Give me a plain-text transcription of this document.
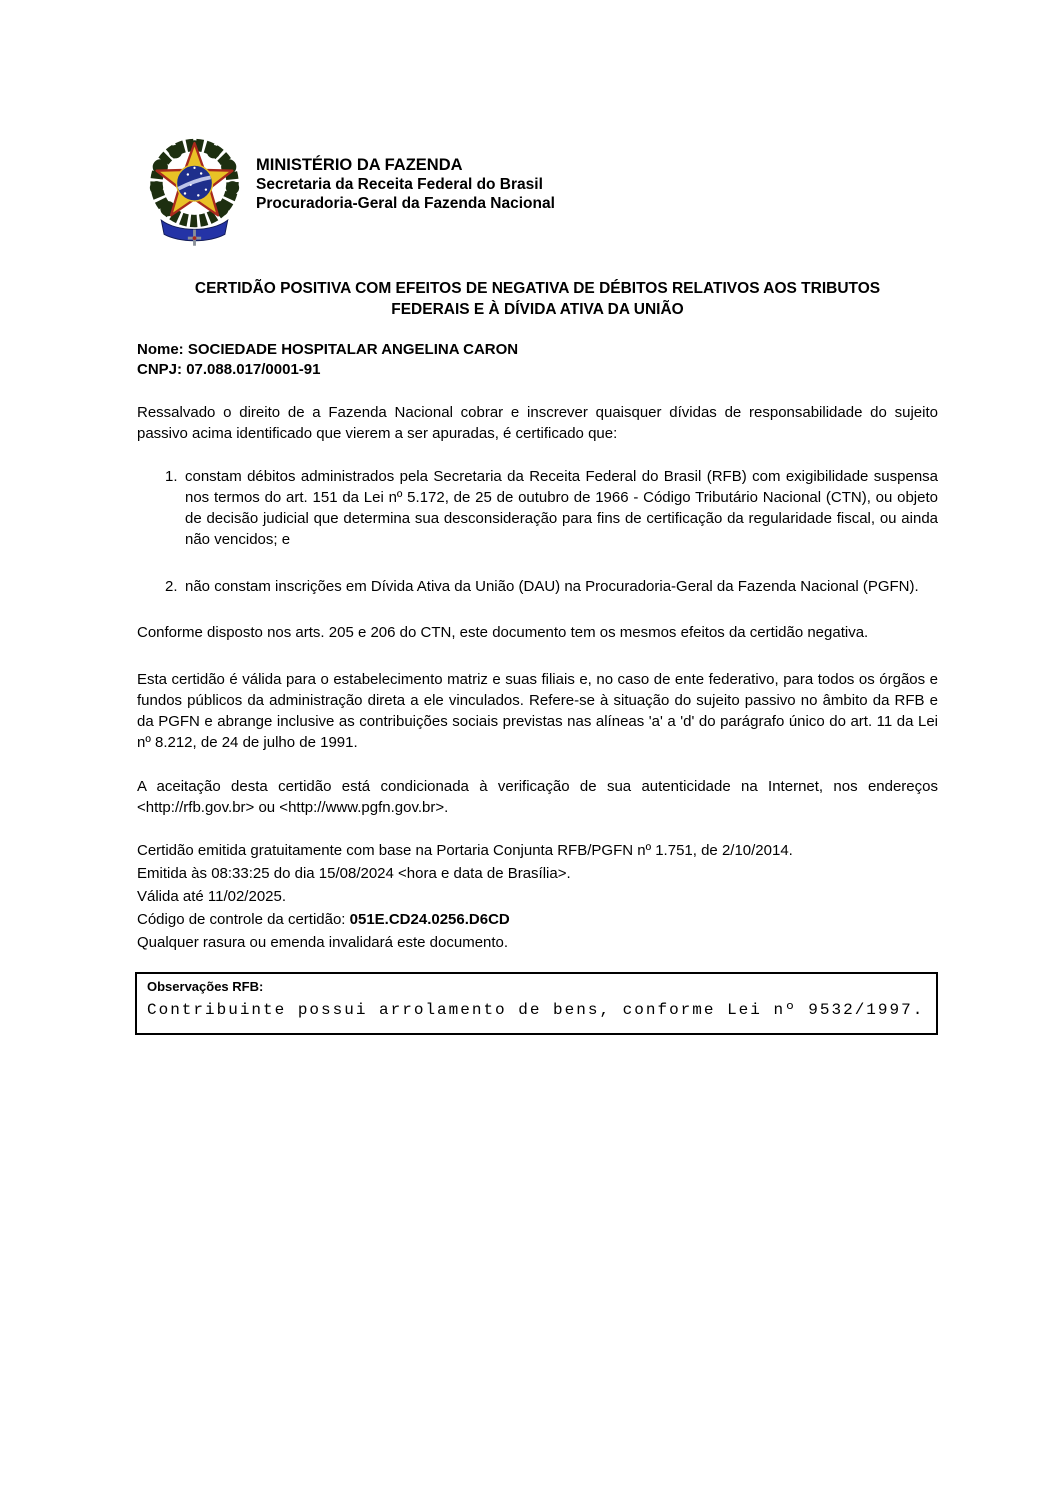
MINISTÉRIO DA FAZENDA
Secretaria da Receita Federal do Brasil
Procuradoria-Geral da Fazenda Nacional
CERTIDÃO POSITIVA COM EFEITOS DE NEGATIVA DE DÉBITOS RELATIVOS AOS TRIBUTOS
FEDERAIS E À DÍVIDA ATIVA DA UNIÃO
Nome: SOCIEDADE HOSPITALAR ANGELINA CARON
CNPJ: 07.088.017/0001-91

Ressalvado o direito de a Fazenda Nacional cobrar e inscrever quaisquer dívidas de responsabilidade do sujeito passivo acima identificado que vierem a ser apuradas, é certificado que:

1. constam débitos administrados pela Secretaria da Receita Federal do Brasil (RFB) com exigibilidade suspensa nos termos do art. 151 da Lei nº 5.172, de 25 de outubro de 1966 - Código Tributário Nacional (CTN), ou objeto de decisão judicial que determina sua desconsideração para fins de certificação da regularidade fiscal, ou ainda não vencidos; e
2. não constam inscrições em Dívida Ativa da União (DAU) na Procuradoria-Geral da Fazenda Nacional (PGFN).

Conforme disposto nos arts. 205 e 206 do CTN, este documento tem os mesmos efeitos da certidão negativa.

Esta certidão é válida para o estabelecimento matriz e suas filiais e, no caso de ente federativo, para todos os órgãos e fundos públicos da administração direta a ele vinculados. Refere-se à situação do sujeito passivo no âmbito da RFB e da PGFN e abrange inclusive as contribuições sociais previstas nas alíneas 'a' a 'd' do parágrafo único do art. 11 da Lei nº 8.212, de 24 de julho de 1991.

A aceitação desta certidão está condicionada à verificação de sua autenticidade na Internet, nos endereços <http://rfb.gov.br> ou <http://www.pgfn.gov.br>.

Certidão emitida gratuitamente com base na Portaria Conjunta RFB/PGFN nº 1.751, de 2/10/2014.
Emitida às 08:33:25 do dia 15/08/2024 <hora e data de Brasília>.
Válida até 11/02/2025.
Código de controle da certidão: 051E.CD24.0256.D6CD
Qualquer rasura ou emenda invalidará este documento.
Observações RFB:
Contribuinte possui arrolamento de bens, conforme Lei nº 9532/1997.
